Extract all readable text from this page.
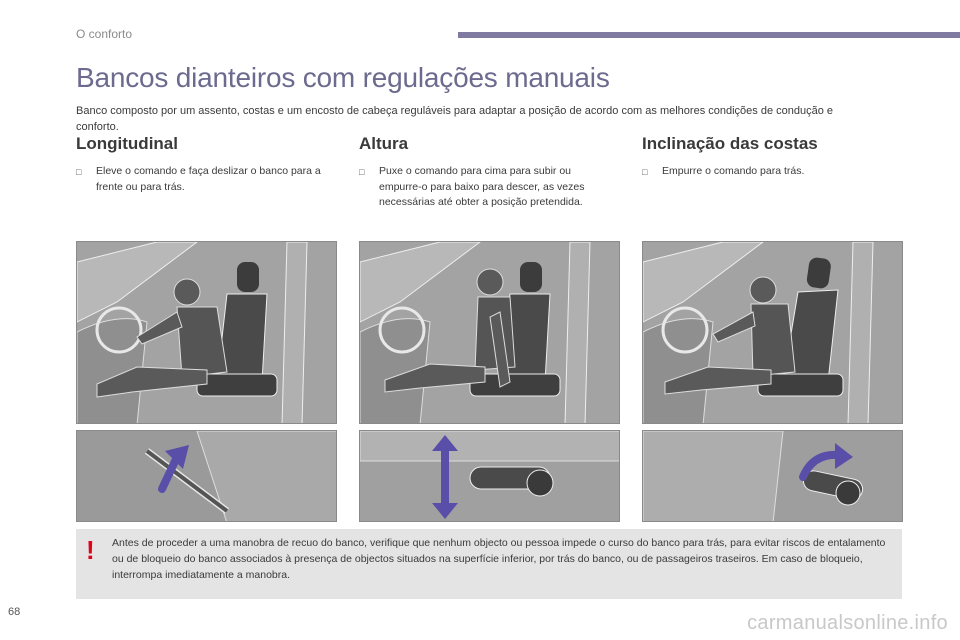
O conforto
Bancos dianteiros com regulações manuais

Banco composto por um assento, costas e um encosto de cabeça reguláveis para adaptar a posição de acordo com as melhores condições de condução e conforto.

Longitudinal
□	Eleve o comando e faça deslizar o banco para a frente ou para trás.
Altura
□	Puxe o comando para cima para subir ou empurre-o para baixo para descer, as vezes necessárias até obter a posição pretendida.
Inclinação das costas
□	Empurre o comando para trás.
! Antes de proceder a uma manobra de recuo do banco, verifique que nenhum objecto ou pessoa impede o curso do banco para trás, para evitar riscos de entalamento ou de bloqueio do banco associados à presença de objectos situados na superfície inferior, por trás do banco, ou de passageiros traseiros. Em caso de bloqueio, interrompa imediatamente a manobra.

68	carmanualsonline.info
